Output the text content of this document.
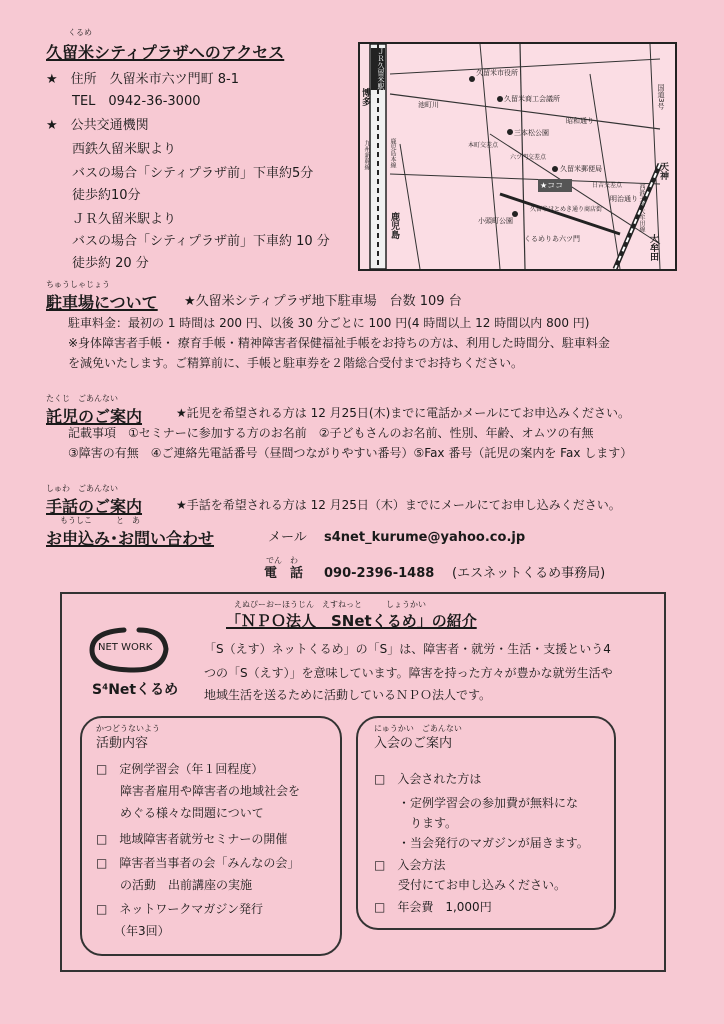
くるめ
久留米シティプラザへのアクセス
★　住所　久留米市六ツ門町 8-1
TEL　0942-36-3000
★　公共交通機関
西鉄久留米駅より
バスの場合「シティプラザ前」下車約5分
徒歩約10分
ＪＲ久留米駅より
バスの場合「シティプラザ前」下車約 10 分
徒歩約 20 分
ＪＲ久留米駅
博多
鹿児島
九州新幹線	鹿児島本線
久留米市役所
久留米商工会議所
池町川
昭和通り
国道3号
三本松公園
本町交差点
六ツ門交差点
久留米郵便局
★ココ	日吉交差点
明治通り
小頭町公園
久留米ほとめき通り商店街
くるめりあ六ツ門
西鉄天神大牟田線
天神
大牟田
ちゅうしゃじょう
駐車場について ★久留米シティプラザ地下駐車場　台数 109 台
駐車料金：最初の 1 時間は 200 円、以後 30 分ごとに 100 円(4 時間以上 12 時間以内 800 円)
※身体障害者手帳・ 療育手帳・精神障害者保健福祉手帳をお持ちの方は、利用した時間分、駐車料金
を減免いたします。ご精算前に、手帳と駐車券を２階総合受付までお持ちください。
たくじ　ごあんない
託児のご案内	★託児を希望される方は 12 月25日(木)までに電話かメールにてお申込みください。
記載事項　①セミナーに参加する方のお名前　②子どもさんのお名前、性別、年齢、オムツの有無
③障害の有無　④ご連絡先電話番号（昼間つながりやすい番号）⑤Fax 番号（託児の案内を Fax します）
しゅわ　ごあんない
手話のご案内	★手話を希望される方は 12 月25日（木）までにメールにてお申し込みください。
もうしこ　　　と　あ
お申込み･お問い合わせ	メール s4net_kurume@yahoo.co.jp
でん　わ
電　話 090-2396-1488 (エスネットくるめ事務局)
えぬぴーおーほうじん　えすねっと　　　しょうかい
「ＮＰＯ法人　SNetくるめ」の紹介
NET WORK
S⁴Netくるめ
「S（えす）ネットくるめ」の「S」は、障害者・就労・生活・支援という4
つの「S（えす）」を意味しています。障害を持った方々が豊かな就労生活や
地域生活を送るために活動しているＮＰＯ法人です。
かつどうないよう
活動内容
□　定例学習会（年１回程度）
　　障害者雇用や障害者の地域社会を
　　めぐる様々な問題について
□　地域障害者就労セミナーの開催
□　障害者当事者の会「みんなの会」
　　の活動　出前講座の実施
□　ネットワークマガジン発行
　　（年3回）
にゅうかい　ごあんない
入会のご案内
□　入会された方は
　　・定例学習会の参加費が無料にな
　　　ります。
　　・当会発行のマガジンが届きます。
□　入会方法
　　受付にてお申し込みください。
□　年会費　1,000円
